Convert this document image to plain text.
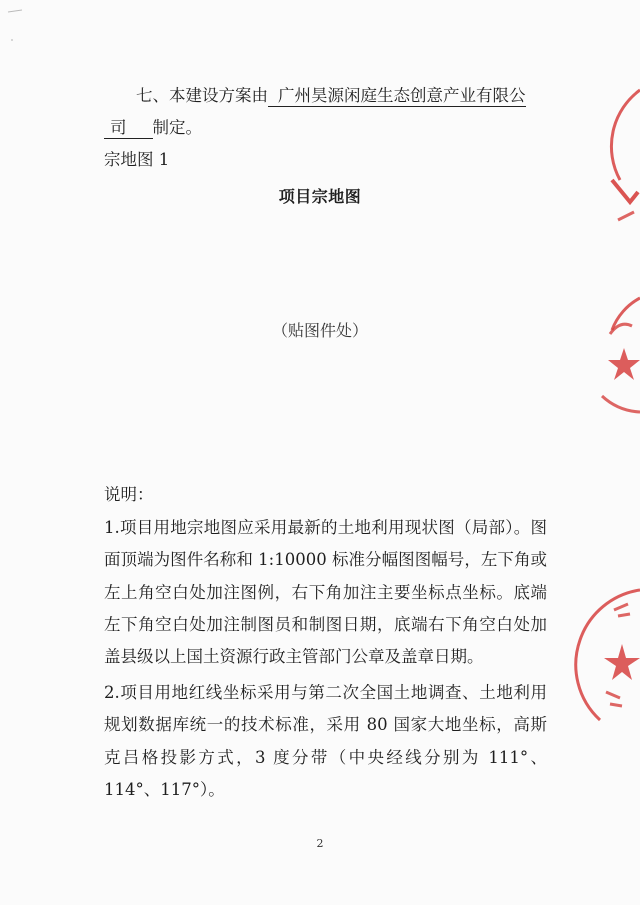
七、本建设方案由 广州昊源闲庭生态创意产业有限公
司 制定。
宗地图 1
项目宗地图
（贴图件处）
说明：
1.项目用地宗地图应采用最新的土地利用现状图（局部）。图面顶端为图件名称和 1:10000 标准分幅图图幅号，左下角或左上角空白处加注图例，右下角加注主要坐标点坐标。底端左下角空白处加注制图员和制图日期，底端右下角空白处加盖县级以上国土资源行政主管部门公章及盖章日期。
2.项目用地红线坐标采用与第二次全国土地调查、土地利用规划数据库统一的技术标准，采用 80 国家大地坐标，高斯克吕格投影方式，3 度分带（中央经线分别为 111°、114°、117°）。
2
